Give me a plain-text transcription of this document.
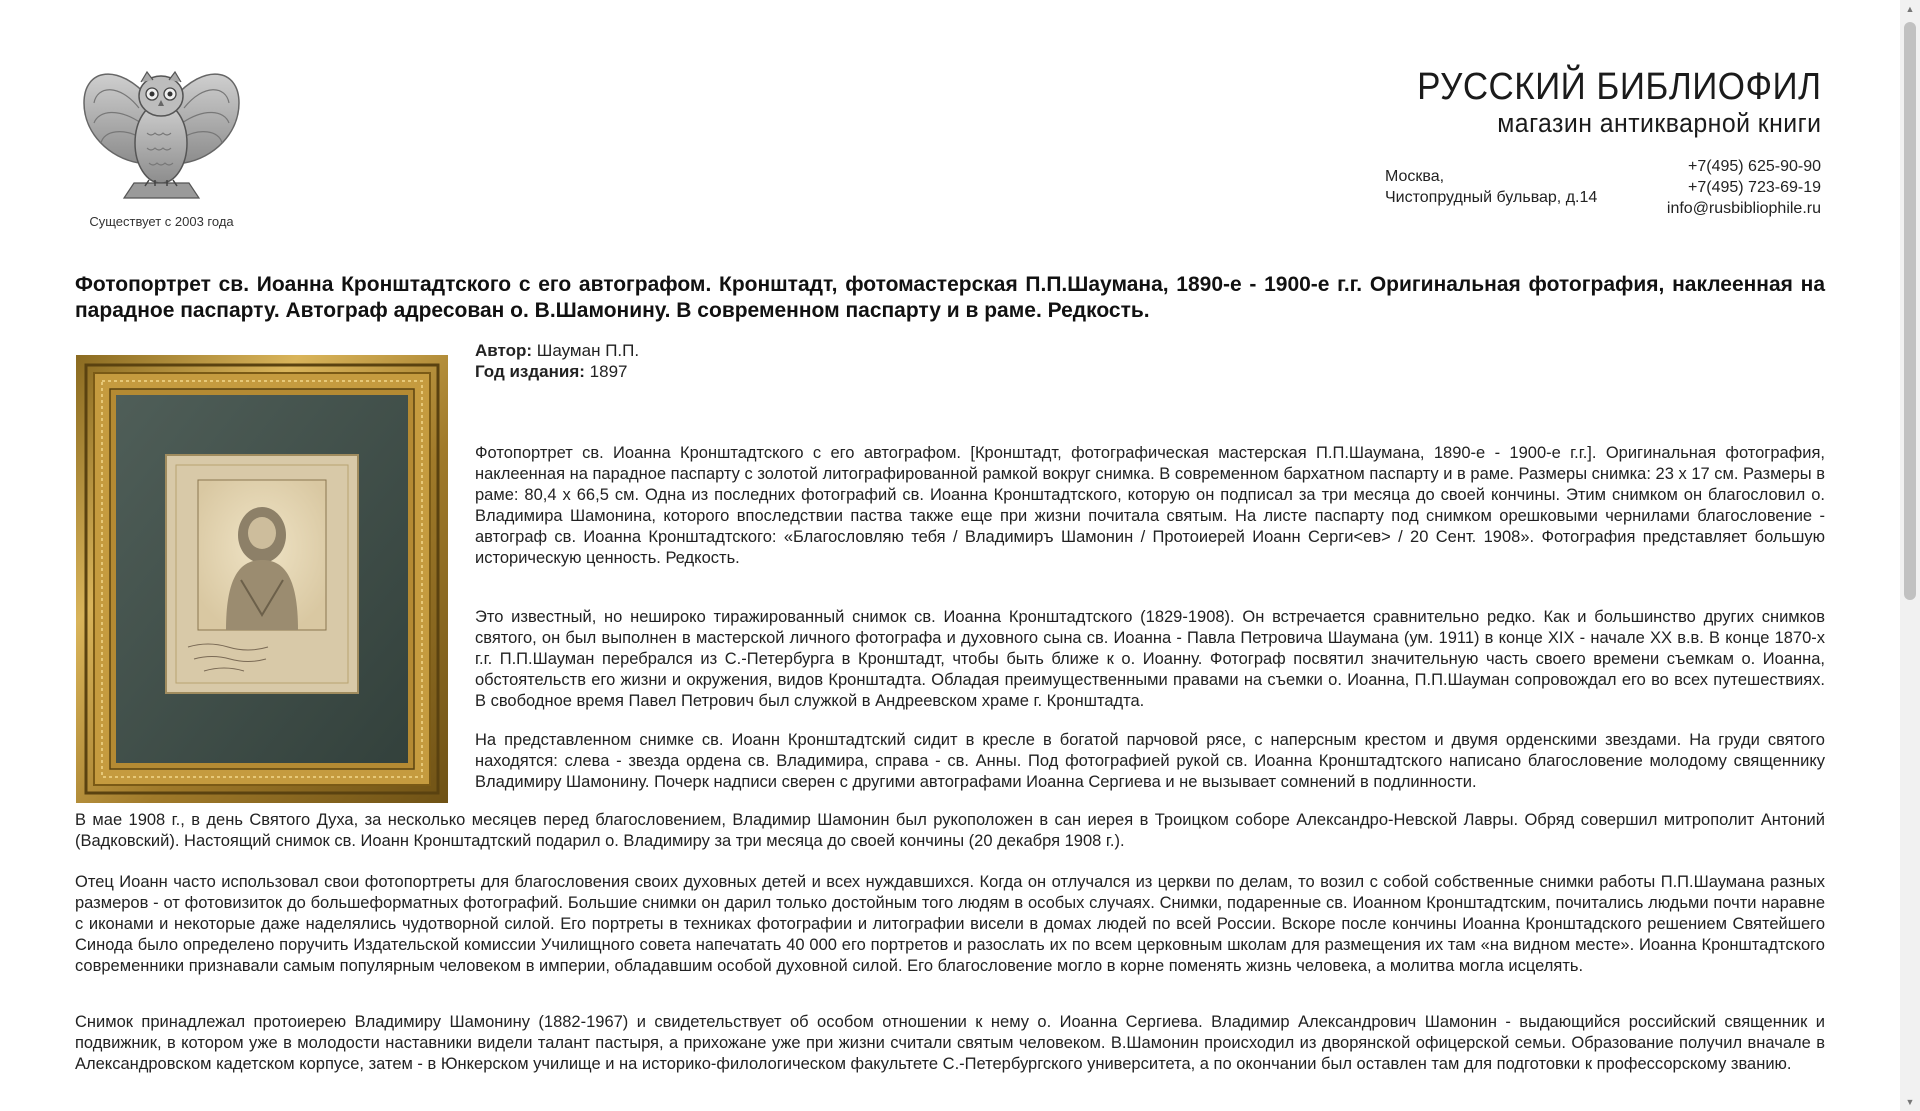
Существует с 2003 года
РУССКИЙ БИБЛИОФИЛ
магазин антикварной книги
Москва,
Чистопрудный бульвар, д.14
+7(495) 625-90-90
+7(495) 723-69-19
info@rusbibliophile.ru
Фотопортрет св. Иоанна Кронштадтского с его автографом. Кронштадт, фотомастерская П.П.Шаумана, 1890-е - 1900-е г.г. Оригинальная фотография, наклеенная на парадное паспарту. Автограф адресован о. В.Шамонину. В современном паспарту и в раме. Редкость.
Автор: Шауман П.П.
Год издания: 1897

Фотопортрет св. Иоанна Кронштадтского с его автографом. [Кронштадт, фотографическая мастерская П.П.Шаумана, 1890-е - 1900-е г.г.]. Оригинальная фотография, наклеенная на парадное паспарту с золотой литографированной рамкой вокруг снимка. В современном бархатном паспарту и в раме. Размеры снимка: 23 х 17 см. Размеры в раме: 80,4 х 66,5 см. Одна из последних фотографий св. Иоанна Кронштадтского, которую он подписал за три месяца до своей кончины. Этим снимком он благословил о. Владимира Шамонина, которого впоследствии паства также еще при жизни почитала святым. На листе паспарту под снимком орешковыми чернилами благословение - автограф св. Иоанна Кронштадтского: «Благословляю тебя / Владимиръ Шамонин / Протоиерей Иоанн Серги<ев> / 20 Сент. 1908». Фотография представляет большую историческую ценность. Редкость.

Это известный, но нешироко тиражированный снимок св. Иоанна Кронштадтского (1829-1908). Он встречается сравнительно редко. Как и большинство других снимков святого, он был выполнен в мастерской личного фотографа и духовного сына св. Иоанна - Павла Петровича Шаумана (ум. 1911) в конце XIX - начале XX в.в. В конце 1870-х г.г. П.П.Шауман перебрался из С.-Петербурга в Кронштадт, чтобы быть ближе к о. Иоанну. Фотограф посвятил значительную часть своего времени съемкам о. Иоанна, обстоятельств его жизни и окружения, видов Кронштадта. Обладая преимущественными правами на съемки о. Иоанна, П.П.Шауман сопровождал его во всех путешествиях. В свободное время Павел Петрович был служкой в Андреевском храме г. Кронштадта.

На представленном снимке св. Иоанн Кронштадтский сидит в кресле в богатой парчовой рясе, с наперсным крестом и двумя орденскими звездами. На груди святого находятся: слева - звезда ордена св. Владимира, справа - св. Анны. Под фотографией рукой св. Иоанна Кронштадтского написано благословение молодому священнику Владимиру Шамонину. Почерк надписи сверен с другими автографами Иоанна Сергиева и не вызывает сомнений в подлинности.

В мае 1908 г., в день Святого Духа, за несколько месяцев перед благословением, Владимир Шамонин был рукоположен в сан иерея в Троицком соборе Александро-Невской Лавры. Обряд совершил митрополит Антоний (Вадковский). Настоящий снимок св. Иоанн Кронштадтский подарил о. Владимиру за три месяца до своей кончины (20 декабря 1908 г.).

Отец Иоанн часто использовал свои фотопортреты для благословения своих духовных детей и всех нуждавшихся. Когда он отлучался из церкви по делам, то возил с собой собственные снимки работы П.П.Шаумана разных размеров - от фотовизиток до большеформатных фотографий. Большие снимки он дарил только достойным того людям в особых случаях. Снимки, подаренные св. Иоанном Кронштадтским, почитались людьми почти наравне с иконами и некоторые даже наделялись чудотворной силой. Его портреты в техниках фотографии и литографии висели в домах людей по всей России. Вскоре после кончины Иоанна Кронштадского решением Святейшего Синода было определено поручить Издательской комиссии Училищного совета напечатать 40 000 его портретов и разослать их по всем церковным школам для размещения их там «на видном месте». Иоанна Кронштадтского современники признавали самым популярным человеком в империи, обладавшим особой духовной силой. Его благословение могло в корне поменять жизнь человека, а молитва могла исцелять.

Снимок принадлежал протоиерею Владимиру Шамонину (1882-1967) и свидетельствует об особом отношении к нему о. Иоанна Сергиева. Владимир Александрович Шамонин - выдающийся российский священник и подвижник, в котором уже в молодости наставники видели талант пастыря, а прихожане уже при жизни считали святым человеком. В.Шамонин происходил из дворянской офицерской семьи. Образование получил вначале в Александровском кадетском корпусе, затем - в Юнкерском училище и на историко-филологическом факультете С.-Петербургского университета, а по окончании был оставлен там для подготовки к профессорскому званию.

▲
▼
